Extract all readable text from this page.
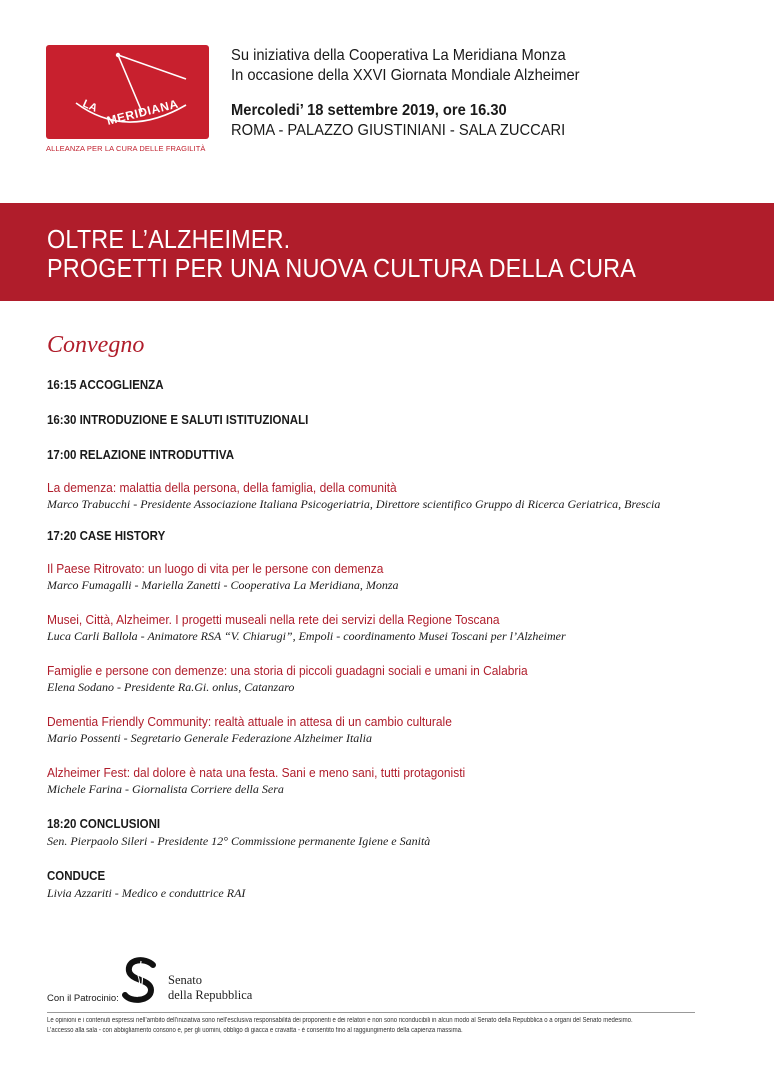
LA MERIDIANA
ALLEANZA PER LA CURA DELLE FRAGILITÀ
Su iniziativa della Cooperativa La Meridiana Monza
In occasione della XXVI Giornata Mondiale Alzheimer
Mercoledi’ 18 settembre 2019, ore 16.30
ROMA - PALAZZO GIUSTINIANI - SALA ZUCCARI
OLTRE L’ALZHEIMER.
PROGETTI PER UNA NUOVA CULTURA DELLA CURA
Convegno
16:15 ACCOGLIENZA
16:30 INTRODUZIONE E SALUTI ISTITUZIONALI
17:00 RELAZIONE INTRODUTTIVA
La demenza: malattia della persona, della famiglia, della comunità
Marco Trabucchi - Presidente Associazione Italiana Psicogeriatria, Direttore scientifico Gruppo di Ricerca Geriatrica, Brescia
17:20 CASE HISTORY
Il Paese Ritrovato: un luogo di vita per le persone con demenza
Marco Fumagalli - Mariella Zanetti - Cooperativa La Meridiana, Monza
Musei, Città, Alzheimer. I progetti museali nella rete dei servizi della Regione Toscana
Luca Carli Ballola - Animatore RSA “V. Chiarugi”, Empoli - coordinamento Musei Toscani per l’Alzheimer
Famiglie e persone con demenze: una storia di piccoli guadagni sociali e umani in Calabria
Elena Sodano - Presidente Ra.Gi. onlus, Catanzaro
Dementia Friendly Community: realtà attuale in attesa di un cambio culturale
Mario Possenti - Segretario Generale Federazione Alzheimer Italia
Alzheimer Fest: dal dolore è nata una festa. Sani e meno sani, tutti protagonisti
Michele Farina - Giornalista Corriere della Sera
18:20 CONCLUSIONI
Sen. Pierpaolo Sileri - Presidente 12° Commissione permanente Igiene e Sanità
CONDUCE
Livia Azzariti - Medico e conduttrice RAI
Con il Patrocinio:
Senato
della Repubblica
Le opinioni e i contenuti espressi nell’ambito dell’iniziativa sono nell’esclusiva responsabilità dei proponenti e dei relatori e non sono riconducibili in alcun modo al Senato della Repubblica o a organi del Senato medesimo.
L’accesso alla sala - con abbigliamento consono e, per gli uomini, obbligo di giacca e cravatta - è consentito fino al raggiungimento della capienza massima.
